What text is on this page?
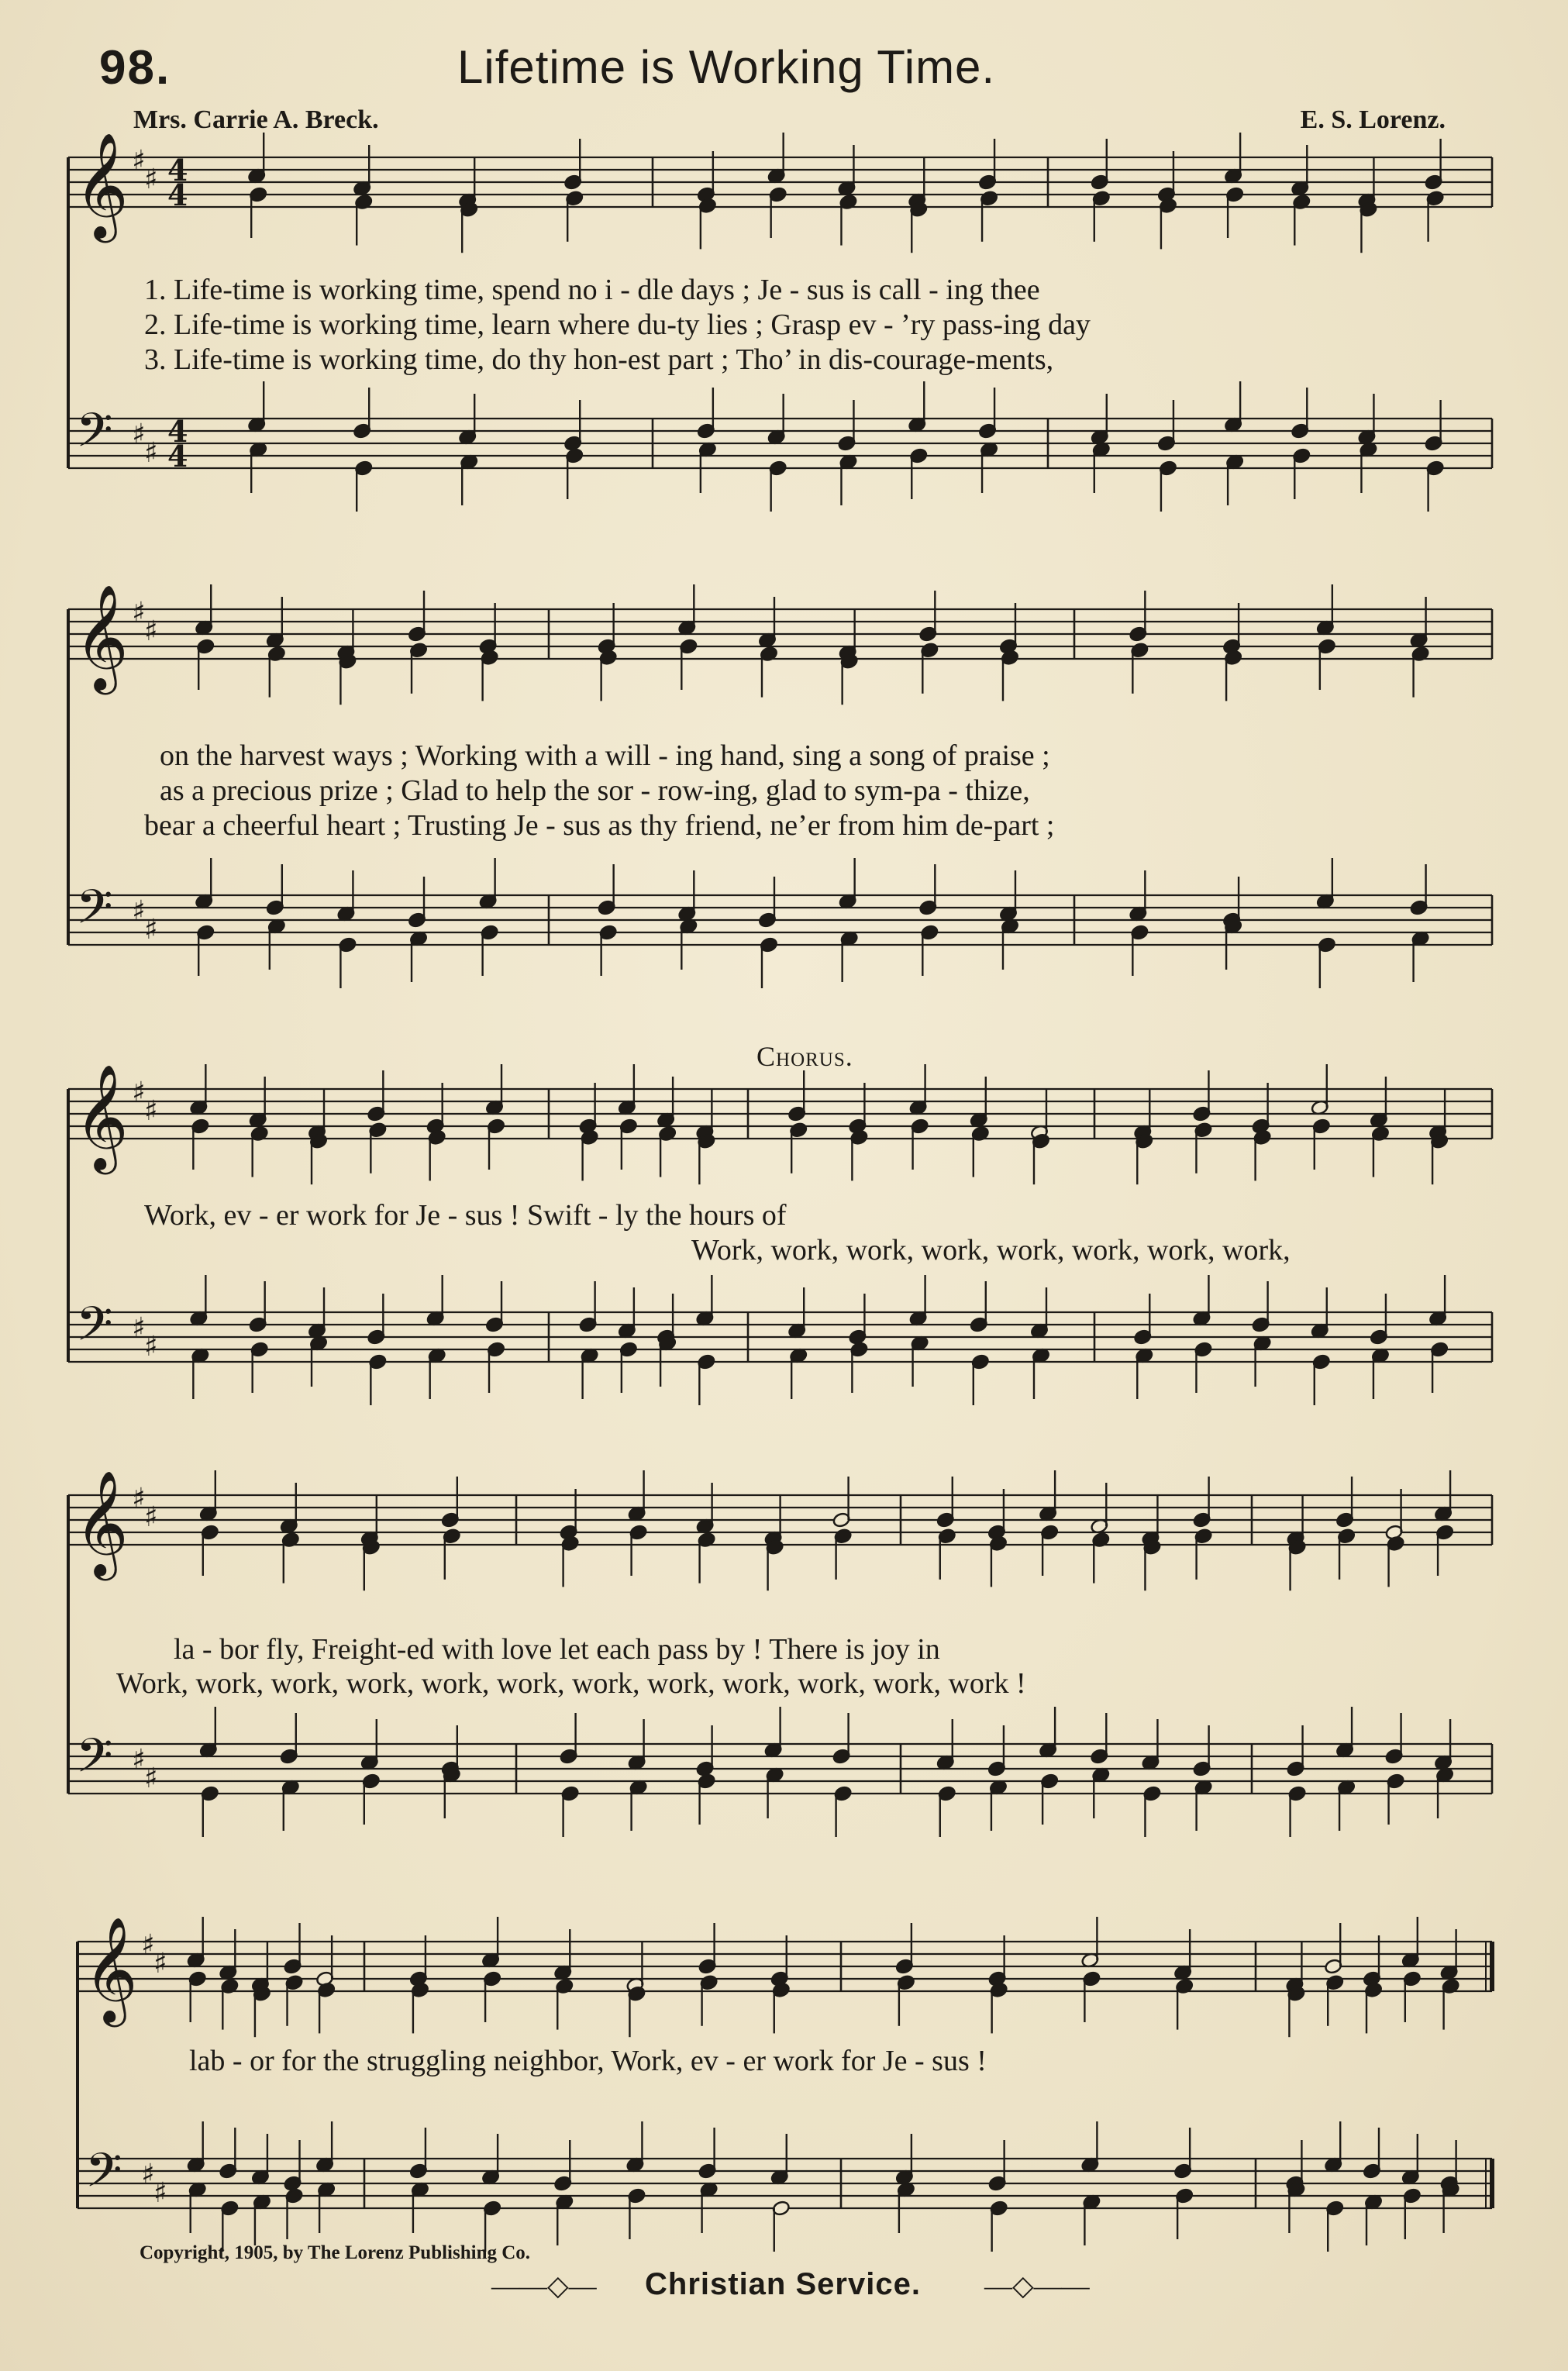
98.	Lifetime is Working Time.
Mrs. Carrie A. Breck.	E. S. Lorenz.
𝄞
𝄢
♯
♯
♯
♯
4
4
4
4
𝄞
𝄢
♯
♯
♯
♯
𝄞
𝄢
♯
♯
♯
♯
𝄞
𝄢
♯
♯
♯
♯
𝄞
𝄢
♯
♯
♯
♯
1. Life-time is working time, spend no i - dle days ; Je - sus is call - ing thee
2. Life-time is working time, learn where du-ty lies ; Grasp ev - ’ry pass-ing day
3. Life-time is working time, do thy hon-est part ; Tho’ in dis-courage-ments,
on the harvest ways ; Working with a will - ing hand, sing a song of praise ;
as a precious prize ; Glad to help the sor - row-ing, glad to sym-pa - thize,
bear a cheerful heart ; Trusting Je - sus as thy friend, ne’er from him de-part ;
Chorus.
Work, ev - er work for Je - sus ! Swift - ly the hours of
Work, work, work, work, work, work, work, work,
la - bor fly, Freight-ed with love let each pass by ! There is joy in
Work, work, work, work, work, work, work, work, work, work, work, work !
lab - or for the struggling neighbor, Work, ev - er work for Je - sus !
Copyright, 1905, by The Lorenz Publishing Co.
——◇— Christian Service. —◇——
